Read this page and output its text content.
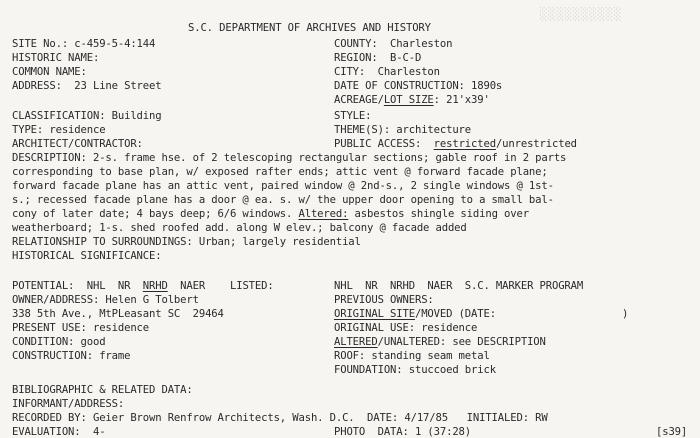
S.C. DEPARTMENT OF ARCHIVES AND HISTORY
░░░░░░░░░░
SITE No.: c-459-5-4:144
HISTORIC NAME:
COMMON NAME:
ADDRESS:  23 Line Street
COUNTY:  Charleston
REGION:  B-C-D
CITY:  Charleston
DATE OF CONSTRUCTION: 1890s
ACREAGE/LOT SIZE: 21'x39'
CLASSIFICATION: Building
TYPE: residence
ARCHITECT/CONTRACTOR:
STYLE:
THEME(S): architecture
PUBLIC ACCESS:  restricted/unrestricted
DESCRIPTION: 2-s. frame hse. of 2 telescoping rectangular sections; gable roof in 2 parts
corresponding to base plan, w/ exposed rafter ends; attic vent @ forward facade plane;
forward facade plane has an attic vent, paired window @ 2nd-s., 2 single windows @ 1st-
s.; recessed facade plane has a door @ ea. s. w/ the upper door opening to a small bal-
cony of later date; 4 bays deep; 6/6 windows. Altered: asbestos shingle siding over
weatherboard; 1-s. shed roofed add. along W elev.; balcony @ facade added
RELATIONSHIP TO SURROUNDINGS: Urban; largely residential
HISTORICAL SIGNIFICANCE:
POTENTIAL:  NHL  NR  NRHD  NAER    LISTED:	NHL  NR  NRHD  NAER  S.C. MARKER PROGRAM
OWNER/ADDRESS: Helen G Tolbert
338 5th Ave., MtPLeasant SC  29464
PRESENT USE: residence
CONDITION: good
CONSTRUCTION: frame
PREVIOUS OWNERS:
ORIGINAL SITE/MOVED (DATE:	)
ORIGINAL USE: residence
ALTERED/UNALTERED: see DESCRIPTION
ROOF: standing seam metal
FOUNDATION: stuccoed brick
BIBLIOGRAPHIC & RELATED DATA:
INFORMANT/ADDRESS:
RECORDED BY: Geier Brown Renfrow Architects, Wash. D.C.  DATE: 4/17/85   INITIALED: RW
EVALUATION:  4-	PHOTO  DATA: 1 (37:28)	[s39]
